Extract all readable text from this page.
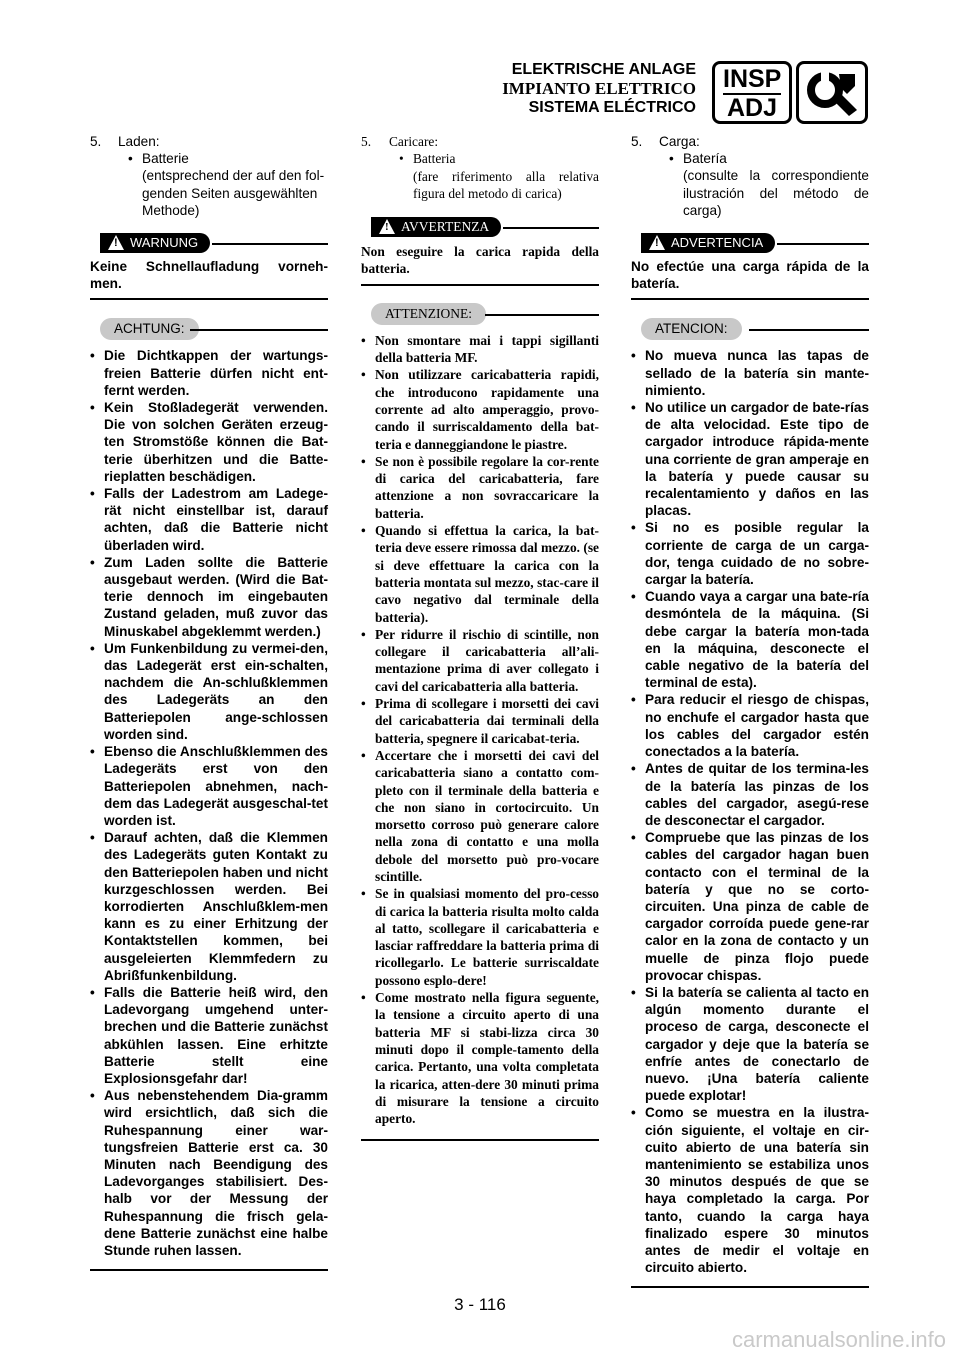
ELEKTRISCHE ANLAGE
IMPIANTO ELETTRICO
SISTEMA ELÉCTRICO
INSP
ADJ
5. Laden:
• Batterie
(entsprechend der auf den fol-genden Seiten ausgewählten Methode)
!
WARNUNG
Keine Schnellaufladung vorneh-men.
ACHTUNG:
• Die Dichtkappen der wartungs-freien Batterie dürfen nicht ent-fernt werden.
• Kein Stoßladegerät verwenden. Die von solchen Geräten erzeug-ten Stromstöße können die Bat-terie überhitzen und die Batte-rieplatten beschädigen.
• Falls der Ladestrom am Ladege-rät nicht einstellbar ist, darauf achten, daß die Batterie nicht überladen wird.
• Zum Laden sollte die Batterie ausgebaut werden. (Wird die Bat-terie dennoch im eingebauten Zustand geladen, muß zuvor das Minuskabel abgeklemmt werden.)
• Um Funkenbildung zu vermei-den, das Ladegerät erst ein-schalten, nachdem die An-schlußklemmen des Ladegeräts an den Batteriepolen ange-schlossen worden sind.
• Ebenso die Anschlußklemmen des Ladegeräts erst von den Batteriepolen abnehmen, nach-dem das Ladegerät ausgeschal-tet worden ist.
• Darauf achten, daß die Klemmen des Ladegeräts guten Kontakt zu den Batteriepolen haben und nicht kurzgeschlossen werden. Bei korrodierten Anschlußklem-men kann es zu einer Erhitzung der Kontaktstellen kommen, bei ausgeleierten Klemmfedern zu Abrißfunkenbildung.
• Falls die Batterie heiß wird, den Ladevorgang umgehend unter-brechen und die Batterie zunächst abkühlen lassen. Eine erhitzte Batterie stellt eine Explosionsgefahr dar!
• Aus nebenstehendem Dia-gramm wird ersichtlich, daß sich die Ruhespannung einer war-tungsfreien Batterie erst ca. 30 Minuten nach Beendigung des Ladevorganges stabilisiert. Des-halb vor der Messung der Ruhespannung die frisch gela-dene Batterie zunächst eine halbe Stunde ruhen lassen.
5. Caricare:
• Batteria
(fare riferimento alla relativa figura del metodo di carica)
!
AVVERTENZA
Non eseguire la carica rapida della batteria.
ATTENZIONE:
• Non smontare mai i tappi sigillanti della batteria MF.
• Non utilizzare caricabatteria rapidi, che introducono rapidamente una corrente ad alto amperaggio, provo-cando il surriscaldamento della bat-teria e danneggiandone le piastre.
• Se non è possibile regolare la cor-rente di carica del caricabatteria, fare attenzione a non sovraccaricare la batteria.
• Quando si effettua la carica, la bat-teria deve essere rimossa dal mezzo. (se si deve effettuare la carica con la batteria montata sul mezzo, stac-care il cavo negativo dal terminale della batteria).
• Per ridurre il rischio di scintille, non collegare il caricabatteria all’ali-mentazione prima di aver collegato i cavi del caricabatteria alla batteria.
• Prima di scollegare i morsetti dei cavi del caricabatteria dai terminali della batteria, spegnere il caricabat-teria.
• Accertare che i morsetti dei cavi del caricabatteria siano a contatto com-pleto con il terminale della batteria e che non siano in cortocircuito. Un morsetto corroso può generare calore nella zona di contatto e una molla debole del morsetto può pro-vocare scintille.
• Se in qualsiasi momento del pro-cesso di carica la batteria risulta molto calda al tatto, scollegare il caricabatteria e lasciar raffreddare la batteria prima di ricollegarlo. Le batterie surriscaldate possono esplo-dere!
• Come mostrato nella figura seguente, la tensione a circuito aperto di una batteria MF si stabi-lizza circa 30 minuti dopo il comple-tamento della carica. Pertanto, una volta completata la ricarica, atten-dere 30 minuti prima di misurare la tensione a circuito aperto.
5. Carga:
• Batería
(consulte la correspondiente ilustración del método de carga)
!
ADVERTENCIA
No efectúe una carga rápida de la batería.
ATENCION:
• No mueva nunca las tapas de sellado de la batería sin mante-nimiento.
• No utilice un cargador de bate-rías de alta velocidad. Este tipo de cargador introduce rápida-mente una corriente de gran amperaje en la batería y puede causar su recalentamiento y daños en las placas.
• Si no es posible regular la corriente de carga de un carga-dor, tenga cuidado de no sobre-cargar la batería.
• Cuando vaya a cargar una bate-ría desmóntela de la máquina. (Si debe cargar la batería mon-tada en la máquina, desconecte el cable negativo de la batería del terminal de esta).
• Para reducir el riesgo de chispas, no enchufe el cargador hasta que los cables del cargador estén conectados a la batería.
• Antes de quitar de los termina-les de la batería las pinzas de los cables del cargador, asegú-rese de desconectar el cargador.
• Compruebe que las pinzas de los cables del cargador hagan buen contacto con el terminal de la batería y que no se corto-circuiten. Una pinza de cable de cargador corroída puede gene-rar calor en la zona de contacto y un muelle de pinza flojo puede provocar chispas.
• Si la batería se calienta al tacto en algún momento durante el proceso de carga, desconecte el cargador y deje que la batería se enfríe antes de conectarlo de nuevo. ¡Una batería caliente puede explotar!
• Como se muestra en la ilustra-ción siguiente, el voltaje en cir-cuito abierto de una batería sin mantenimiento se estabiliza unos 30 minutos después de que se haya completado la carga. Por tanto, cuando la carga haya finalizado espere 30 minutos antes de medir el voltaje en circuito abierto.
3 - 116
carmanualsonline.info
